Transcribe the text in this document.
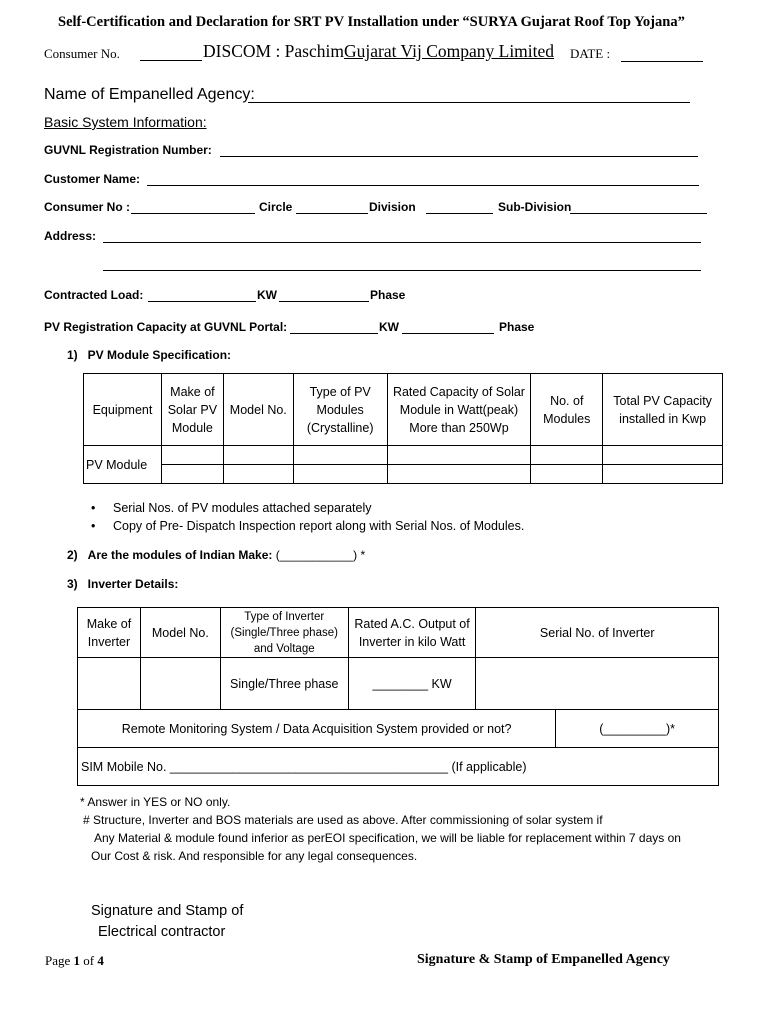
Self-Certification and Declaration for SRT PV Installation under “SURYA Gujarat Roof Top Yojana”
Consumer No.	DISCOM : PaschimGujarat Vij Company Limited DATE :
Name of Empanelled Agency:
Basic System Information:
GUVNL Registration Number:
Customer Name:
Consumer No :	Circle	Division	Sub-Division
Address:
Contracted Load:	KW	Phase
PV Registration Capacity at GUVNL Portal:	KW	Phase
1)   PV Module Specification:
Equipment	Make of Solar PV Module	Model No.	Type of PV Modules (Crystalline)	Rated Capacity of Solar Module in Watt(peak) More than 250Wp	No. of Modules	Total PV Capacity installed in Kwp
PV Module						

• Serial Nos. of PV modules attached separately
• Copy of Pre- Dispatch Inspection report along with Serial Nos. of Modules.
2)   Are the modules of Indian Make: (___________) *
3)   Inverter Details:
Make of Inverter	Model No.	Type of Inverter (Single/Three phase) and Voltage	Rated A.C. Output of Inverter in kilo Watt	Serial No. of Inverter	
		Single/Three phase	________ KW		
Remote Monitoring System / Data Acquisition System provided or not?					(_________)*
SIM Mobile No. ________________________________________ (If applicable)					
* Answer in YES or NO only.
# Structure, Inverter and BOS materials are used as above. After commissioning of solar system if
Any Material & module found inferior as perEOI specification, we will be liable for replacement within 7 days on
Our Cost & risk. And responsible for any legal consequences.
Signature and Stamp of
Electrical contractor
Page 1 of 4	Signature & Stamp of Empanelled Agency
